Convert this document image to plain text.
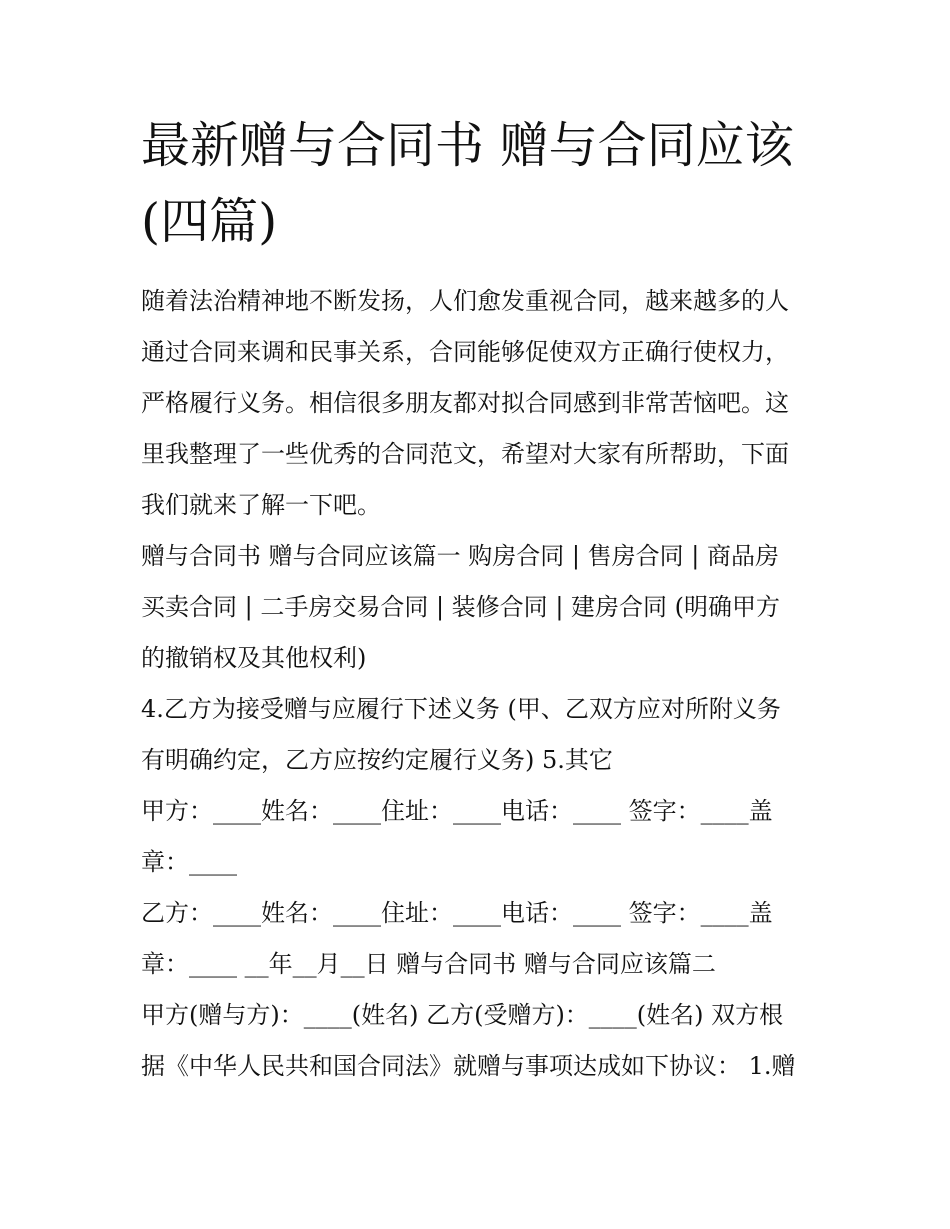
最新赠与合同书 赠与合同应该
(四篇)

随着法治精神地不断发扬，人们愈发重视合同，越来越多的人
通过合同来调和民事关系，合同能够促使双方正确行使权力，
严格履行义务。相信很多朋友都对拟合同感到非常苦恼吧。这
里我整理了一些优秀的合同范文，希望对大家有所帮助，下面
我们就来了解一下吧。

赠与合同书 赠与合同应该篇一 购房合同 | 售房合同 | 商品房
买卖合同 | 二手房交易合同 | 装修合同 | 建房合同 (明确甲方
的撤销权及其他权利)

4.乙方为接受赠与应履行下述义务 (甲、乙双方应对所附义务
有明确约定，乙方应按约定履行义务) 5.其它

甲方：____姓名：____住址：____电话：____ 签字：____盖
章：____

乙方：____姓名：____住址：____电话：____ 签字：____盖
章：____ __年__月__日 赠与合同书 赠与合同应该篇二

甲方(赠与方)：____(姓名) 乙方(受赠方)：____(姓名) 双方根
据《中华人民共和国合同法》就赠与事项达成如下协议： 1.赠
